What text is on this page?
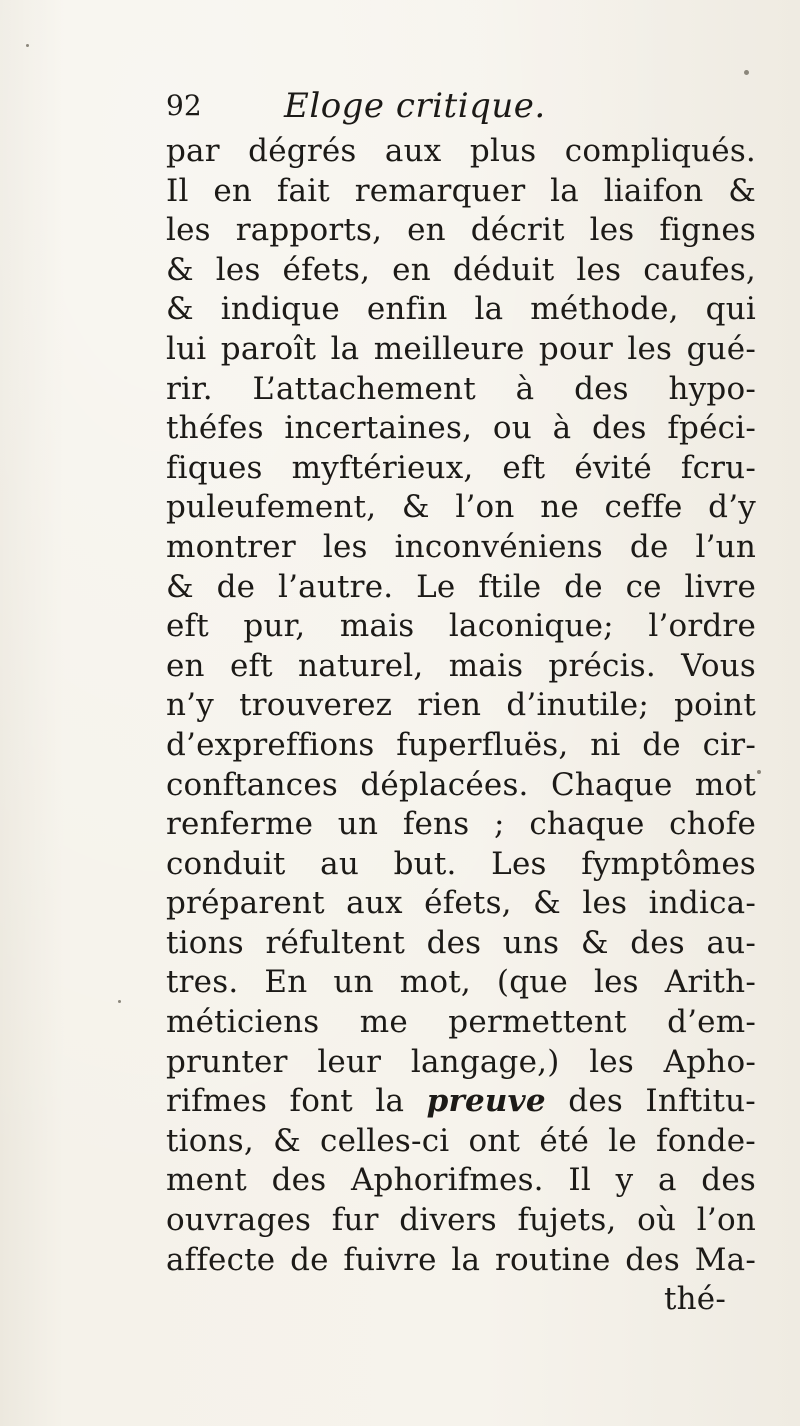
92 Eloge critique.
par dégrés aux plus compliqués.
Il en fait remarquer la liaifon &
les rapports, en décrit les fignes
& les éfets, en déduit les caufes,
& indique enfin la méthode, qui
lui paroît la meilleure pour les gué-
rir. L’attachement à des hypo-
théfes incertaines, ou à des fpéci-
fiques myftérieux, eft évité fcru-
puleufement, & l’on ne ceffe d’y
montrer les inconvéniens de l’un
& de l’autre. Le ftile de ce livre
eft pur, mais laconique; l’ordre
en eft naturel, mais précis. Vous
n’y trouverez rien d’inutile; point
d’expreffions fuperfluës, ni de cir-
conftances déplacées. Chaque mot
renferme un fens ; chaque chofe
conduit au but. Les fymptômes
préparent aux éfets, & les indica-
tions réfultent des uns & des au-
tres. En un mot, (que les Arith-
méticiens me permettent d’em-
prunter leur langage,) les Apho-
rifmes font la preuve des Inftitu-
tions, & celles-ci ont été le fonde-
ment des Aphorifmes. Il y a des
ouvrages fur divers fujets, où l’on
affecte de fuivre la routine des Ma-
thé-
